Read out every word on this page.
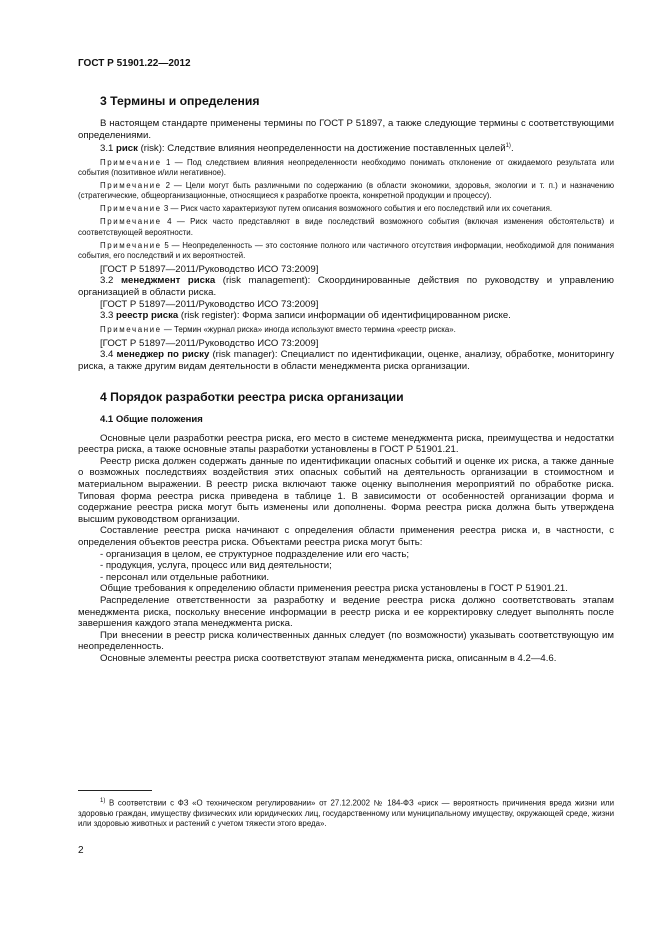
ГОСТ Р 51901.22—2012
3 Термины и определения

В настоящем стандарте применены термины по ГОСТ Р 51897, а также следующие термины с соответствующими определениями.

3.1 риск (risk): Следствие влияния неопределенности на достижение поставленных целей$^{1)}$.

Примечание 1 — Под следствием влияния неопределенности необходимо понимать отклонение от ожидаемого результата или события (позитивное и/или негативное).

Примечание 2 — Цели могут быть различными по содержанию (в области экономики, здоровья, экологии и т. п.) и назначению (стратегические, общеорганизационные, относящиеся к разработке проекта, конкретной продукции и процессу).

Примечание 3 — Риск часто характеризуют путем описания возможного события и его последствий или их сочетания.

Примечание 4 — Риск часто представляют в виде последствий возможного события (включая изменения обстоятельств) и соответствующей вероятности.

Примечание 5 — Неопределенность — это состояние полного или частичного отсутствия информации, необходимой для понимания события, его последствий и их вероятностей.

[ГОСТ Р 51897—2011/Руководство ИСО 73:2009]

3.2 менеджмент риска (risk management): Скоординированные действия по руководству и управлению организацией в области риска.

[ГОСТ Р 51897—2011/Руководство ИСО 73:2009]

3.3 реестр риска (risk register): Форма записи информации об идентифицированном риске.

Примечание — Термин «журнал риска» иногда используют вместо термина «реестр риска».

[ГОСТ Р 51897—2011/Руководство ИСО 73:2009]

3.4 менеджер по риску (risk manager): Специалист по идентификации, оценке, анализу, обработке, мониторингу риска, а также другим видам деятельности в области менеджмента риска организации.

4 Порядок разработки реестра риска организации
4.1 Общие положения

Основные цели разработки реестра риска, его место в системе менеджмента риска, преимущества и недостатки реестра риска, а также основные этапы разработки установлены в ГОСТ Р 51901.21.

Реестр риска должен содержать данные по идентификации опасных событий и оценке их риска, а также данные о возможных последствиях воздействия этих опасных событий на деятельность организации в стоимостном и материальном выражении. В реестр риска включают также оценку выполнения мероприятий по обработке риска. Типовая форма реестра риска приведена в таблице 1. В зависимости от особенностей организации форма и содержание реестра риска могут быть изменены или дополнены. Форма реестра риска должна быть утверждена высшим руководством организации.

Составление реестра риска начинают с определения области применения реестра риска и, в частности, с определения объектов реестра риска. Объектами реестра риска могут быть:

- организация в целом, ее структурное подразделение или его часть;

- продукция, услуга, процесс или вид деятельности;

- персонал или отдельные работники.

Общие требования к определению области применения реестра риска установлены в ГОСТ Р 51901.21.

Распределение ответственности за разработку и ведение реестра риска должно соответствовать этапам менеджмента риска, поскольку внесение информации в реестр риска и ее корректировку следует выполнять после завершения каждого этапа менеджмента риска.

При внесении в реестр риска количественных данных следует (по возможности) указывать соответствующую им неопределенность.

Основные элементы реестра риска соответствуют этапам менеджмента риска, описанным в 4.2—4.6.

$^{1)}$ В соответствии с ФЗ «О техническом регулировании» от 27.12.2002 № 184-ФЗ «риск — вероятность причинения вреда жизни или здоровью граждан, имуществу физических или юридических лиц, государственному или муниципальному имуществу, окружающей среде, жизни или здоровью животных и растений с учетом тяжести этого вреда».

2
